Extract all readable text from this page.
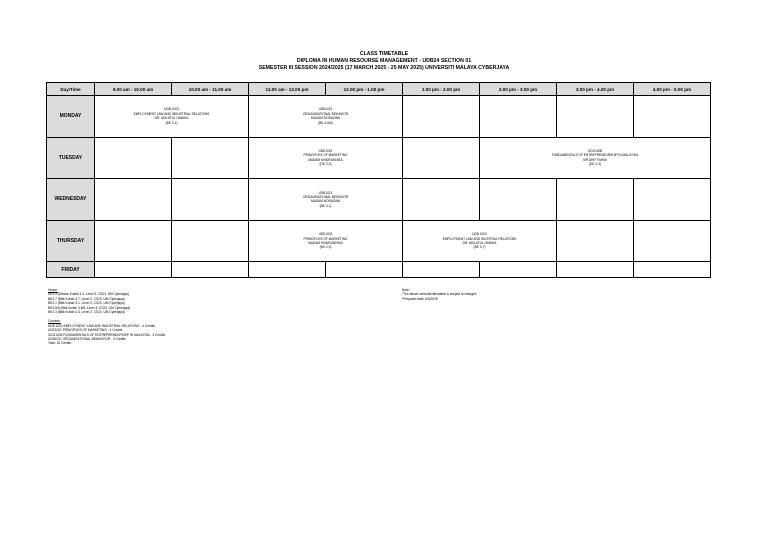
CLASS TIMETABLE
DIPLOMA IN HUMAN RESOURSE MANAGEMENT - UDB24 SECTION 01
SEMESTER III SESSION 2024/2025 (17 MARCH 2025 - 25 MAY 2025) UNIVERSITI MALAYA CYBERJAYA
Day/Time	9.00 am - 10.00 am	10.00 am - 11.00 am	11.00 am - 12.00 pm	12.00 pm - 1.00 pm	1.00 pm - 2.00 pm	2.00 pm - 3.00 pm	3.00 pm - 4.00 pm	4.00 pm - 5.00 pm
MONDAY	UDB 1003
EMPLOYMENT LAW AND INDUSTRIAL RELATIONS
DR. AKILATUL HANIKA
(BK 3-1)		UDB1021
ORGANISATIONAL BEHAVIOR
MADAM NORAZWA
(BK 3-5/6)					

TUESDAY			UDE1001
PRINCIPLES OF MARKETING
MADAM KHAIRUNNISA
(DK 2-3)			GDG1008
FUNDAMENTALS OF ENTREPRENEURSHIP IN MALAYSIA
MR ARIF FAHMI
(DK 2-3)		

WEDNESDAY			UDB1021
ORGANISATIONAL BEHAVIOR
MADAM NORAZWA
(BK 3-1)					

THURSDAY			UDE1001
PRINCIPLES OF MARKETING
MADAM KHAIRUNNISA
(BK 2-3)		UDB 1003
EMPLOYMENT LAW AND IDUSTRIAL RELATIONS
DR. AKILATUL HANIKA
(BK 3-7)			

FRIDAY								
Venue:
DK3-3 (Dewan Kuliah 3-3, Level 3, CS23, UM Cyberjaya)
BK3-7 (Bilik Kuliah 3-7, Level 3, CS23, UM Cyberjaya)
BK3-1 (Bilik Kuliah 3-1, Level 3, CS23, UM Cyberjaya)
BK3-5/6 (Bilik Kuliah 3-5/6, Level 3, CS23, UM Cyberjaya)
BK2-3 (Bilik Kuliah 2-3, Level 2, CS23, UM Cyberjaya)
Courses:
UDB 1003 EMPLOYMENT LAW AND INDUSTRIAL RELATIONS - 4 Credits
UDE1001 PRINCIPLES OF MARKETING - 4 Credits
GDG1008 FUNDAMENTALS OF ENTREPRENEURSHIP IN MALAYSIA - 3 Credits
UDB1021 ORGANISATIONAL BEHAVIOUR - 4 Credits
Total: 15 Credits
Note:
*The above schedule/timetable is subject to changes
*Prepared date: 6/3/2025
